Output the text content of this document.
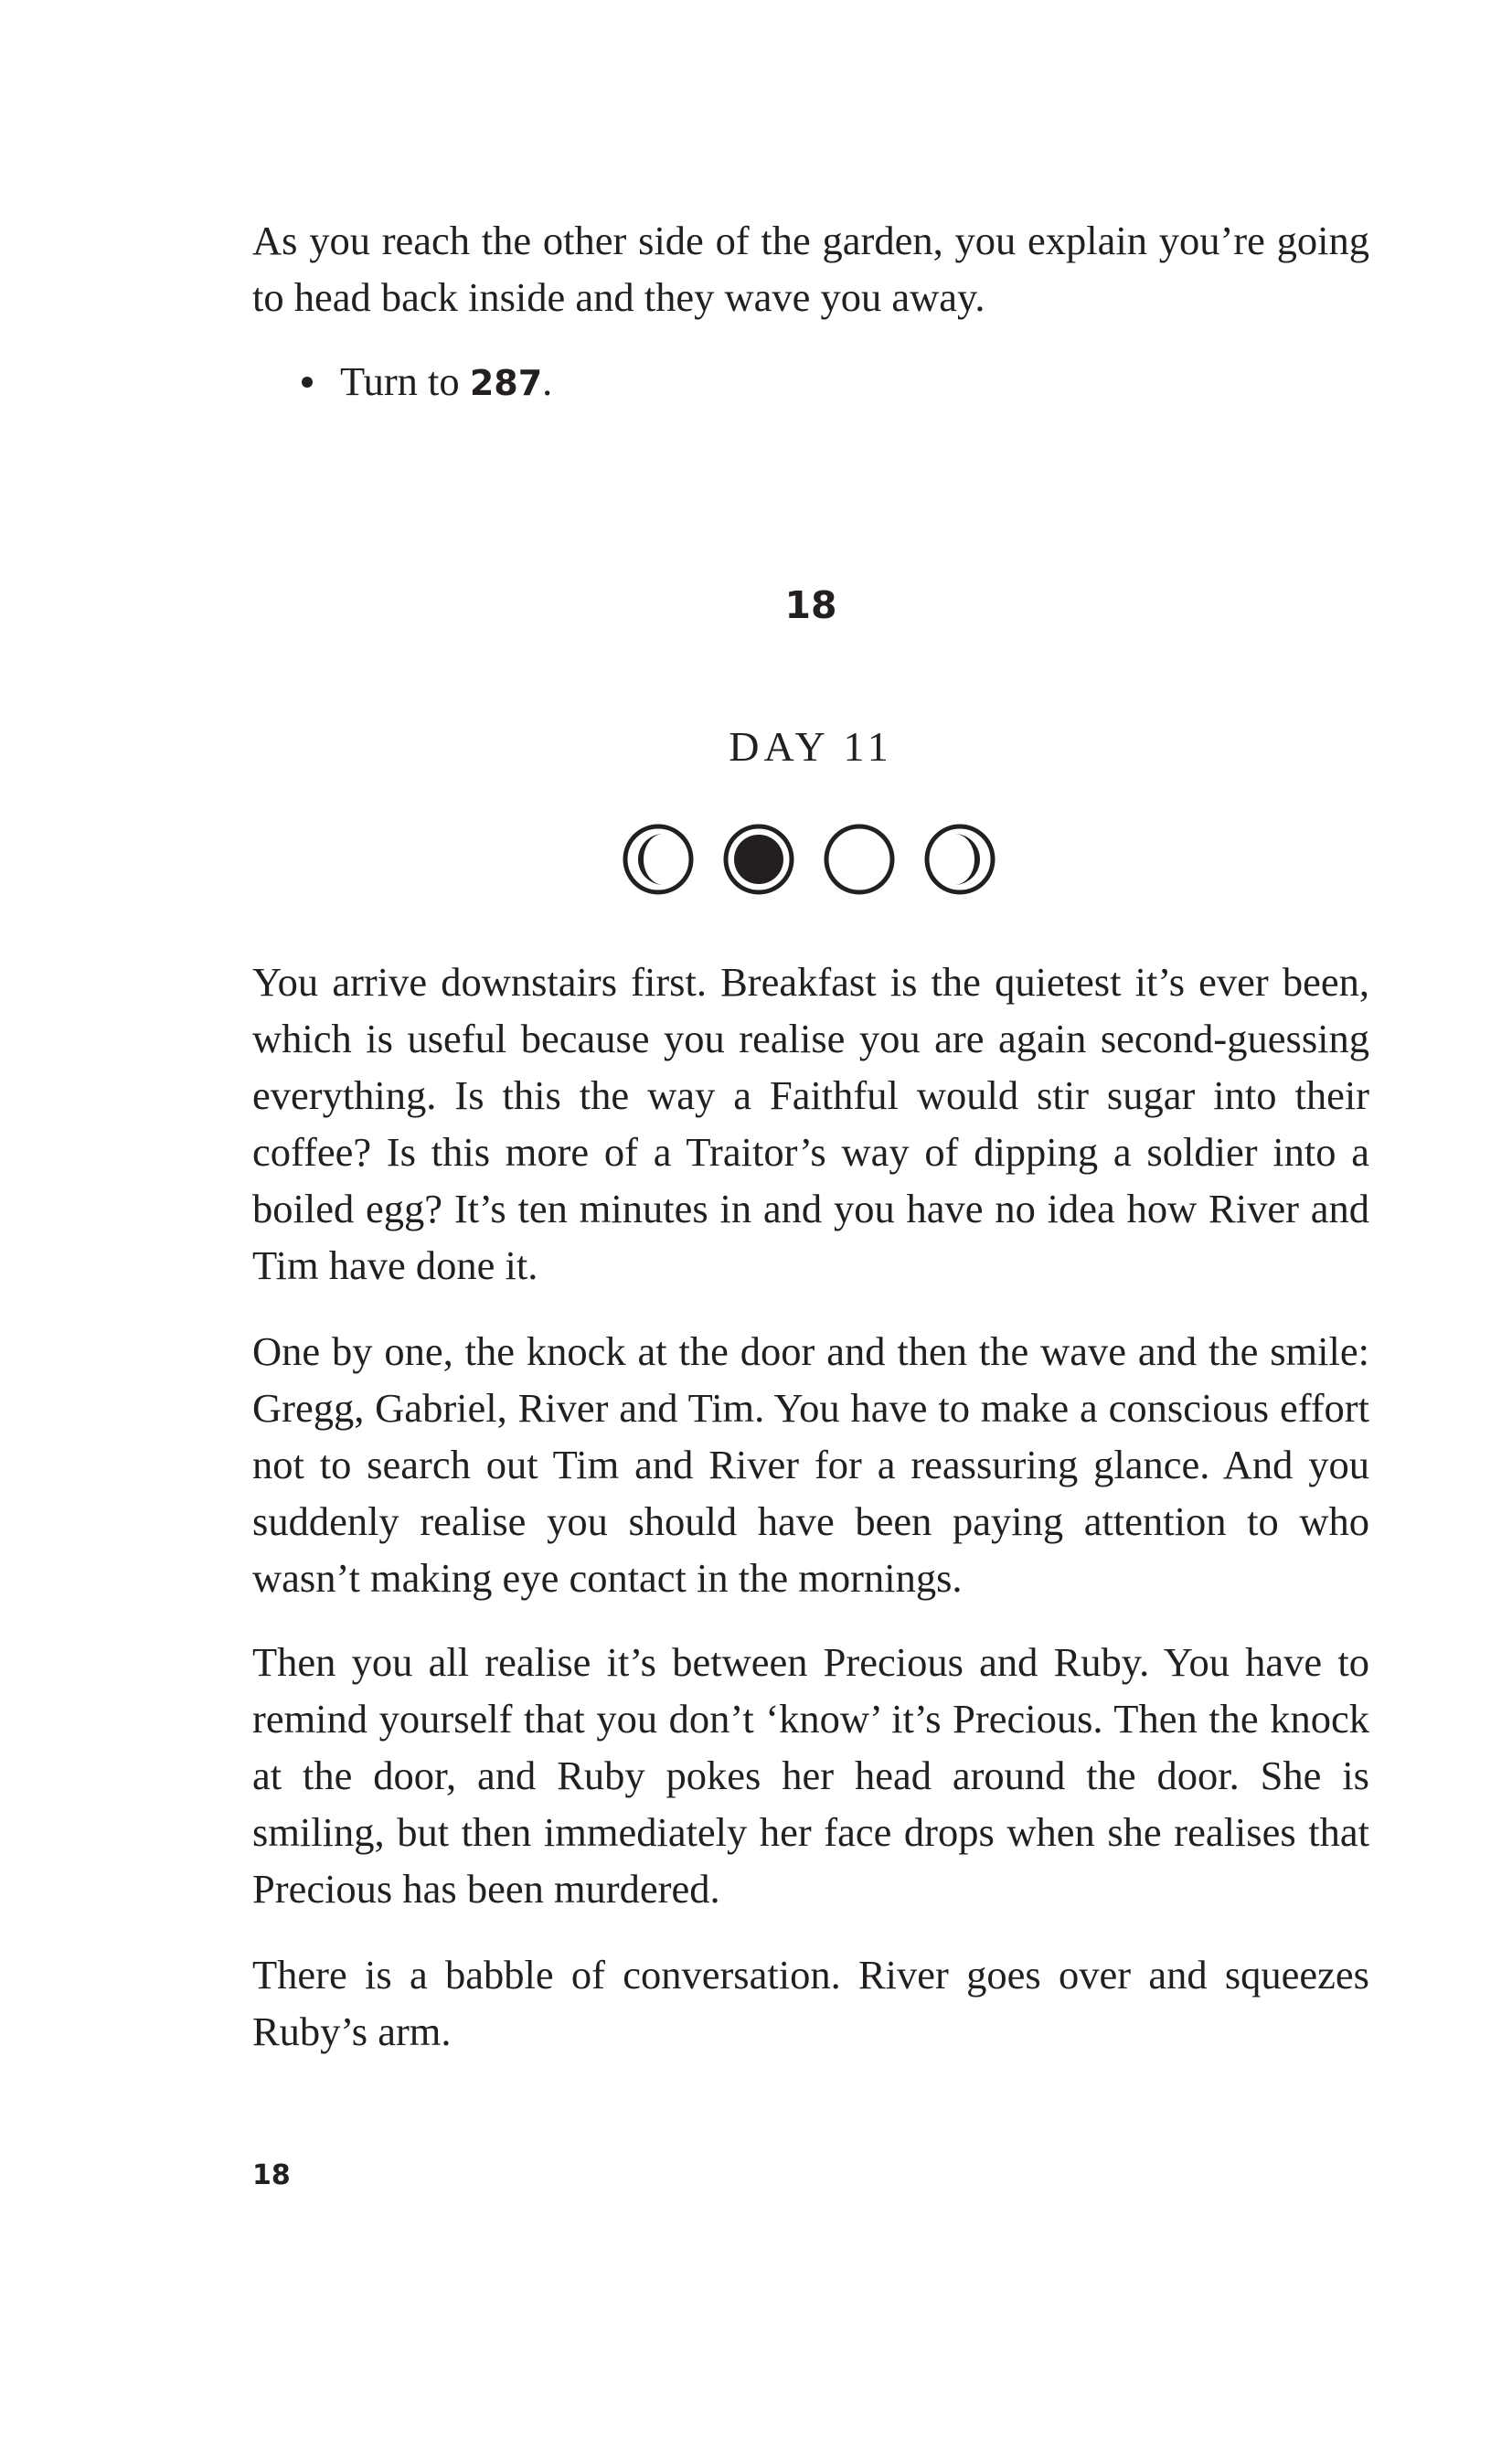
As you reach the other side of the garden, you explain you’re going to head back inside and they wave you away.

Turn to 287.
18
DAY 11

You arrive downstairs first. Breakfast is the quietest it’s ever been, which is useful because you realise you are again second-guessing everything. Is this the way a Faithful would stir sugar into their coffee? Is this more of a Traitor’s way of dipping a soldier into a boiled egg? It’s ten minutes in and you have no idea how River and Tim have done it.

One by one, the knock at the door and then the wave and the smile: Gregg, Gabriel, River and Tim. You have to make a conscious effort not to search out Tim and River for a reassuring glance. And you suddenly realise you should have been paying attention to who wasn’t making eye contact in the mornings.

Then you all realise it’s between Precious and Ruby. You have to remind yourself that you don’t ‘know’ it’s Precious. Then the knock at the door, and Ruby pokes her head around the door. She is smiling, but then immediately her face drops when she realises that Precious has been murdered.

There is a babble of conversation. River goes over and squeezes Ruby’s arm.

18
